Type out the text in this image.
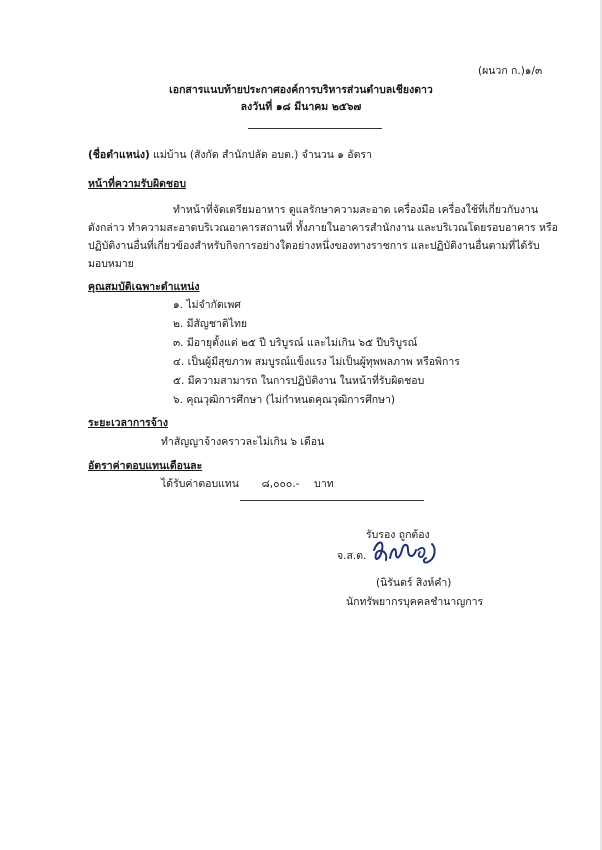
(ผนวก ก.)๑/๓
เอกสารแนบท้ายประกาศองค์การบริหารส่วนตำบลเชียงดาว
ลงวันที่ ๑๘ มีนาคม ๒๕๖๗
(ชื่อตำแหน่ง) แม่บ้าน (สังกัด สำนักปลัด อบต.) จำนวน ๑ อัตรา
หน้าที่ความรับผิดชอบ
ทำหน้าที่จัดเตรียมอาหาร ดูแลรักษาความสะอาด เครื่องมือ เครื่องใช้ที่เกี่ยวกับงาน
ดังกล่าว ทำความสะอาดบริเวณอาคารสถานที่ ทั้งภายในอาคารสำนักงาน และบริเวณโดยรอบอาคาร หรือ
ปฏิบัติงานอื่นที่เกี่ยวข้องสำหรับกิจการอย่างใดอย่างหนึ่งของทางราชการ และปฏิบัติงานอื่นตามที่ได้รับ
มอบหมาย
คุณสมบัติเฉพาะตำแหน่ง
๑. ไม่จำกัดเพศ
๒. มีสัญชาติไทย
๓. มีอายุตั้งแต่ ๒๕ ปี บริบูรณ์ และไม่เกิน ๖๕ ปีบริบูรณ์
๔. เป็นผู้มีสุขภาพ สมบูรณ์แข็งแรง ไม่เป็นผู้ทุพพลภาพ หรือพิการ
๕. มีความสามารถ ในการปฏิบัติงาน ในหน้าที่รับผิดชอบ
๖. คุณวุฒิการศึกษา (ไม่กำหนดคุณวุฒิการศึกษา)
ระยะเวลาการจ้าง
ทำสัญญาจ้างคราวละไม่เกิน ๖ เดือน
อัตราค่าตอบแทนเดือนละ
ได้รับค่าตอบแทน ๘,๐๐๐.- บาท
รับรอง ถูกต้อง
จ.ส.ต.
(นิรันดร์ สิงห์คำ)
นักทรัพยากรบุคคลชำนาญการ
